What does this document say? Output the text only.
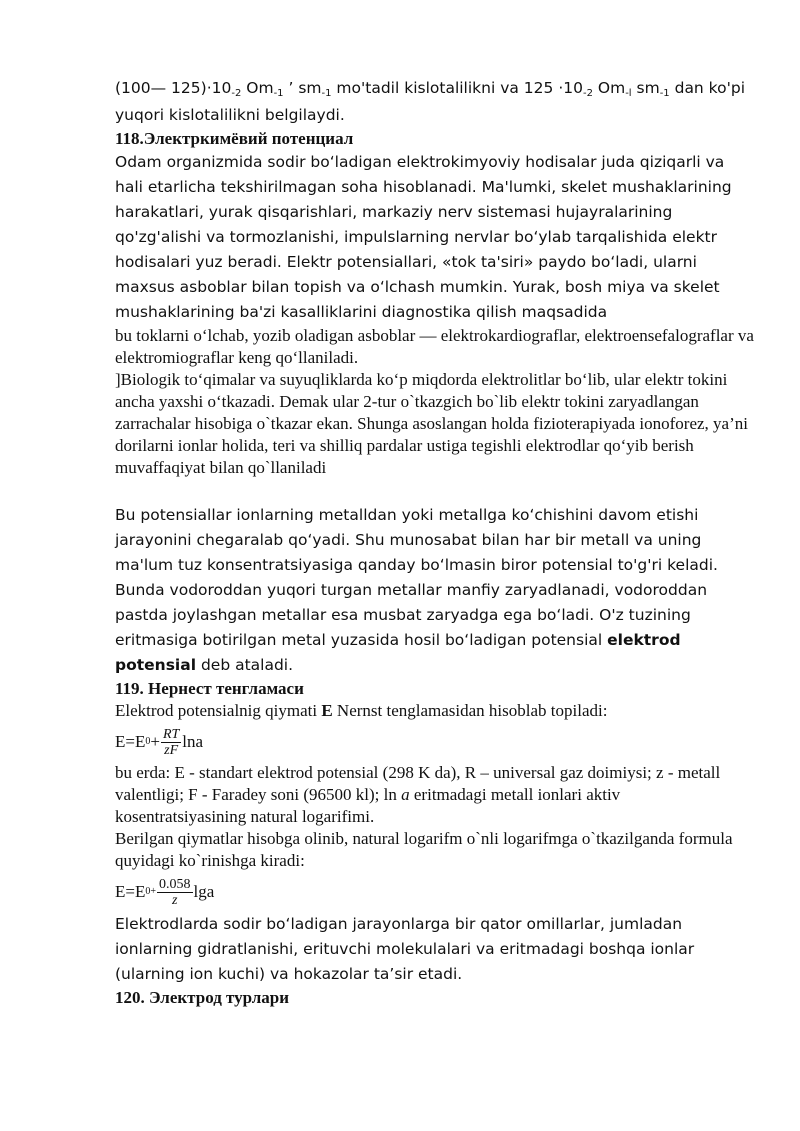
(100— 125)·10-2 Om-1 ’ sm-1 mo'tadil kislotalilikni va 125 ·10-2 Om-l sm-1 dan ko'pi

yuqori kislotalilikni belgilaydi.

118.Электркимёвий потенциал

Odam organizmida sodir boʻladigan elektrokimyoviy hodisalar juda qiziqarli va hali etarlicha tekshirilmagan soha hisoblanadi. Ma'lumki, skelet mushaklarining harakatlari, yurak qisqarishlari, markaziy nerv sistemasi hujayralarining qo'zg'alishi va tormozlanishi, impulslarning nervlar boʻylab tarqalishida elektr hodisalari yuz beradi. Elektr potensiallari, «tok ta'siri» paydo boʻladi, ularni maxsus asboblar bilan topish va oʻlchash mumkin. Yurak, bosh miya va skelet mushaklarining ba'zi kasalliklarini diagnostika qilish maqsadida

bu toklarni oʻlchab, yozib oladigan asboblar — elektrokardiograflar, elektroensefalograflar va elektromiograflar keng qoʻllaniladi.

]Biologik toʻqimalar va suyuqliklarda koʻp miqdorda elektrolitlar boʻlib, ular elektr tokini ancha yaxshi oʻtkazadi. Demak ular 2-tur o`tkazgich bo`lib elektr tokini zaryadlangan zarrachalar hisobiga o`tkazar ekan. Shunga asoslangan holda fizioterapiyada ionoforez, ya’ni dorilarni ionlar holida, teri va shilliq pardalar ustiga tegishli elektrodlar qoʻyib berish muvaffaqiyat bilan qo`llaniladi

Bu potensiallar ionlarning metalldan yoki metallga koʻchishini davom etishi jarayonini chegaralab qoʻyadi. Shu munosabat bilan har bir metall va uning ma'lum tuz konsentratsiyasiga qanday boʻlmasin biror potensial to'g'ri keladi. Bunda vodoroddan yuqori turgan metallar manfiy zaryadlanadi, vodoroddan pastda joylashgan metallar esa musbat zaryadga ega boʻladi. O'z tuzining eritmasiga botirilgan metal yuzasida hosil boʻladigan potensial elektrod potensial deb ataladi.

119. Нернест тенгламаси

Elektrod potensialnig qiymati E Nernst tenglamasidan hisoblab topiladi:

E=E $0 + \frac{RT}{zF}$ lna

bu erda: E - standart elektrod potensial (298 K da), R – universal gaz doimiysi; z - metall valentligi; F - Faradey soni (96500 kl); ln a eritmadagi metall ionlari aktiv kosentratsiyasining natural logarifimi.

Berilgan qiymatlar hisobga olinib, natural logarifm o`nli logarifmga o`tkazilganda formula quyidagi ko`rinishga kiradi:

E=E $0+ \frac{0.058}{z}$ lga

Elektrodlarda sodir boʻladigan jarayonlarga bir qator omillarlar, jumladan ionlarning gidratlanishi, erituvchi molekulalari va eritmadagi boshqa ionlar (ularning ion kuchi) va hokazolar ta’sir etadi.

120. Электрод турлари
